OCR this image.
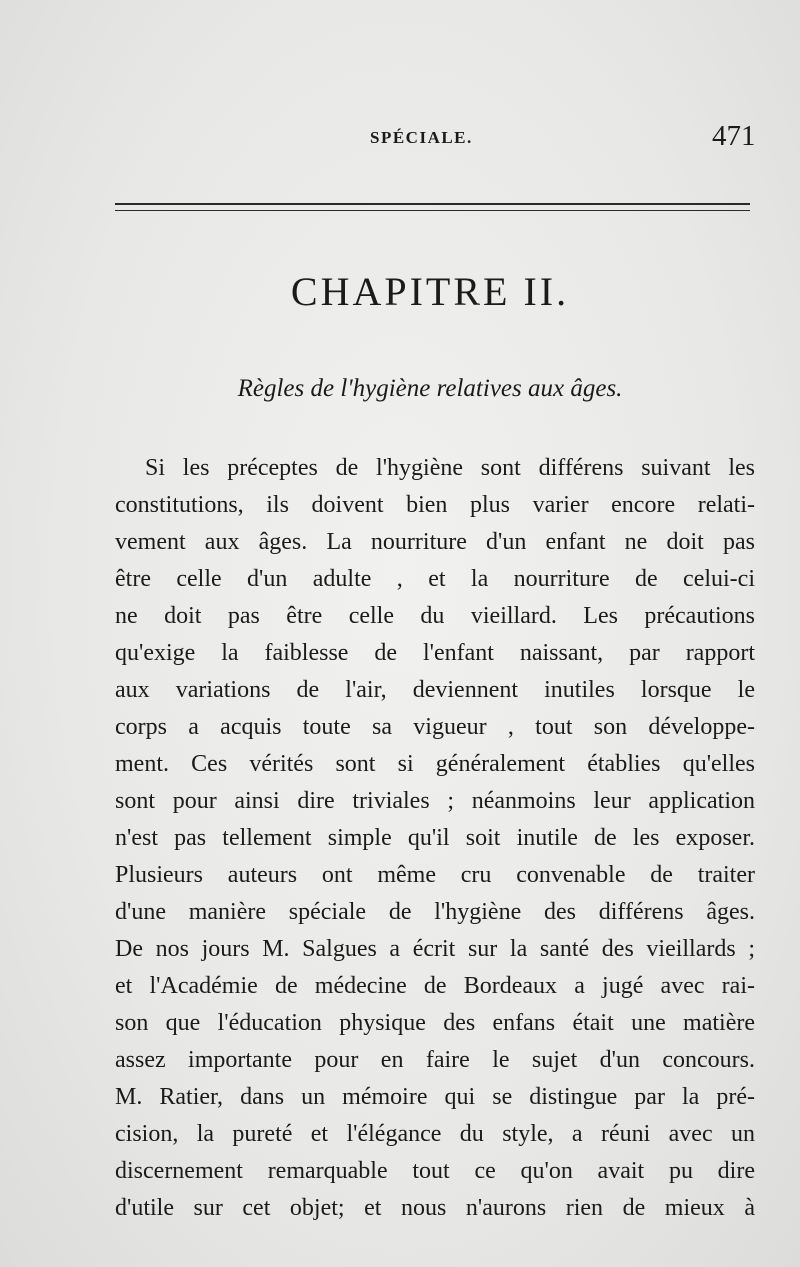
SPÉCIALE.	471
CHAPITRE II.
Règles de l'hygiène relatives aux âges.
Si les préceptes de l'hygiène sont différens suivant les
constitutions, ils doivent bien plus varier encore relati-
vement aux âges. La nourriture d'un enfant ne doit pas
être celle d'un adulte , et la nourriture de celui-ci
ne doit pas être celle du vieillard. Les précautions
qu'exige la faiblesse de l'enfant naissant, par rapport
aux variations de l'air, deviennent inutiles lorsque le
corps a acquis toute sa vigueur , tout son développe-
ment. Ces vérités sont si généralement établies qu'elles
sont pour ainsi dire triviales ; néanmoins leur application
n'est pas tellement simple qu'il soit inutile de les exposer.
Plusieurs auteurs ont même cru convenable de traiter
d'une manière spéciale de l'hygiène des différens âges.
De nos jours M. Salgues a écrit sur la santé des vieillards ;
et l'Académie de médecine de Bordeaux a jugé avec rai-
son que l'éducation physique des enfans était une matière
assez importante pour en faire le sujet d'un concours.
M. Ratier, dans un mémoire qui se distingue par la pré-
cision, la pureté et l'élégance du style, a réuni avec un
discernement remarquable tout ce qu'on avait pu dire
d'utile sur cet objet; et nous n'aurons rien de mieux à
